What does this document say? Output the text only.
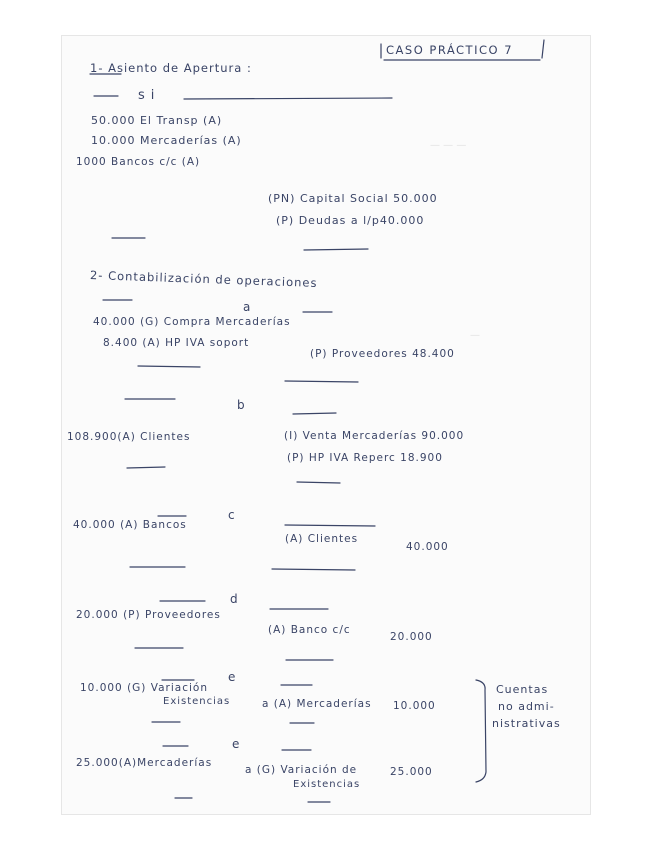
— — —
—
CASO PRÁCTICO 7
1- Asiento de Apertura :
si
50.000 El Transp (A)
10.000 Mercaderías (A)
1000 Bancos c/c (A)
(PN) Capital Social 50.000
(P) Deudas a l/p40.000
2- Contabilización de operaciones
a
40.000 (G) Compra Mercaderías
8.400 (A) HP IVA soport
(P) Proveedores 48.400
b
108.900(A) Clientes	(I) Venta Mercaderías 90.000
(P) HP IVA Reperc 18.900
c
40.000 (A) Bancos
(A) Clientes
40.000
d
20.000 (P) Proveedores
(A) Banco c/c
20.000
e
10.000 (G) Variación
Existencias	a (A) Mercaderías 10.000
e
25.000(A)Mercaderías
a (G) Variación de
Existencias
25.000
Cuentas
no admi-
nistrativas
